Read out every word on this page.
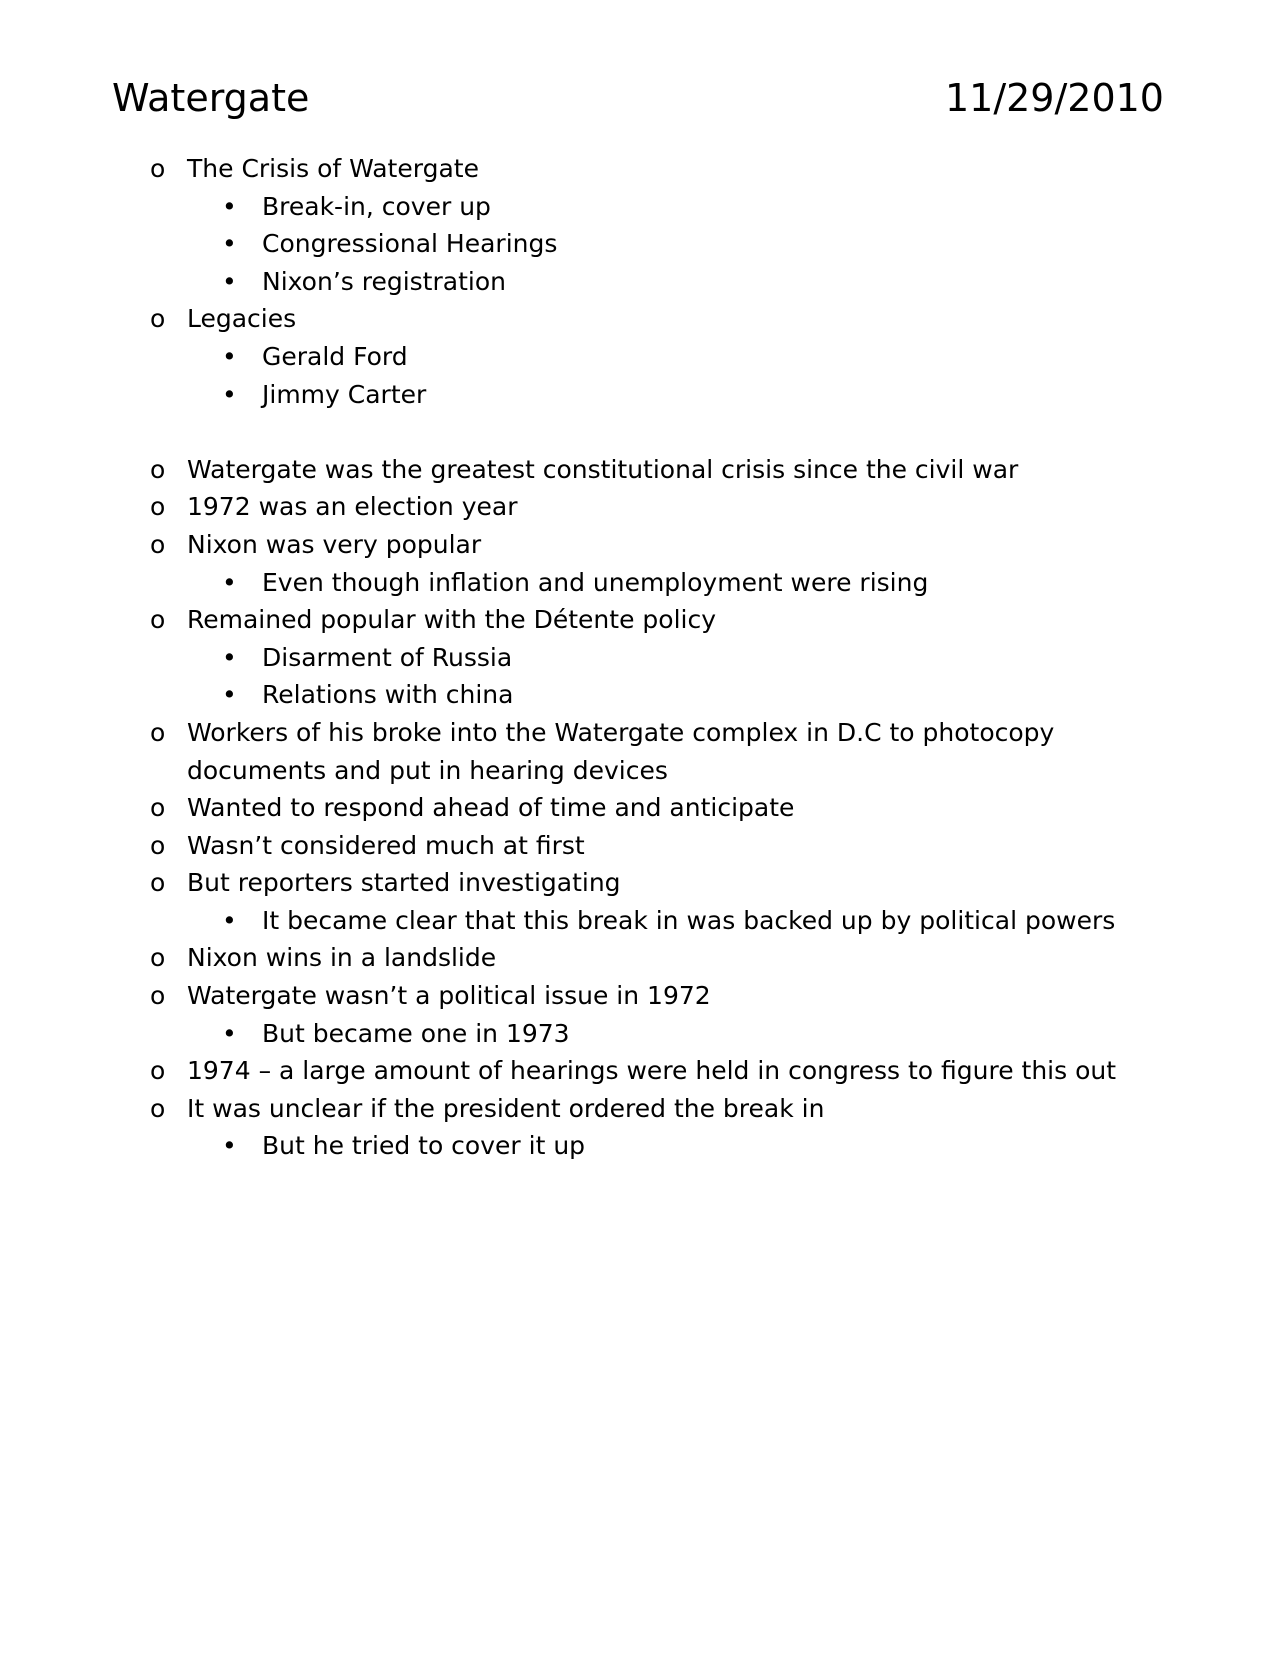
Watergate	11/29/2010
o The Crisis of Watergate
• Break-in, cover up
• Congressional Hearings
• Nixon’s registration
o Legacies
• Gerald Ford
• Jimmy Carter
o Watergate was the greatest constitutional crisis since the civil war
o 1972 was an election year
o Nixon was very popular
• Even though inflation and unemployment were rising
o Remained popular with the Détente policy
• Disarment of Russia
• Relations with china
o Workers of his broke into the Watergate complex in D.C to photocopy
documents and put in hearing devices
o Wanted to respond ahead of time and anticipate
o Wasn’t considered much at first
o But reporters started investigating
• It became clear that this break in was backed up by political powers
o Nixon wins in a landslide
o Watergate wasn’t a political issue in 1972
• But became one in 1973
o 1974 – a large amount of hearings were held in congress to figure this out
o It was unclear if the president ordered the break in
• But he tried to cover it up
